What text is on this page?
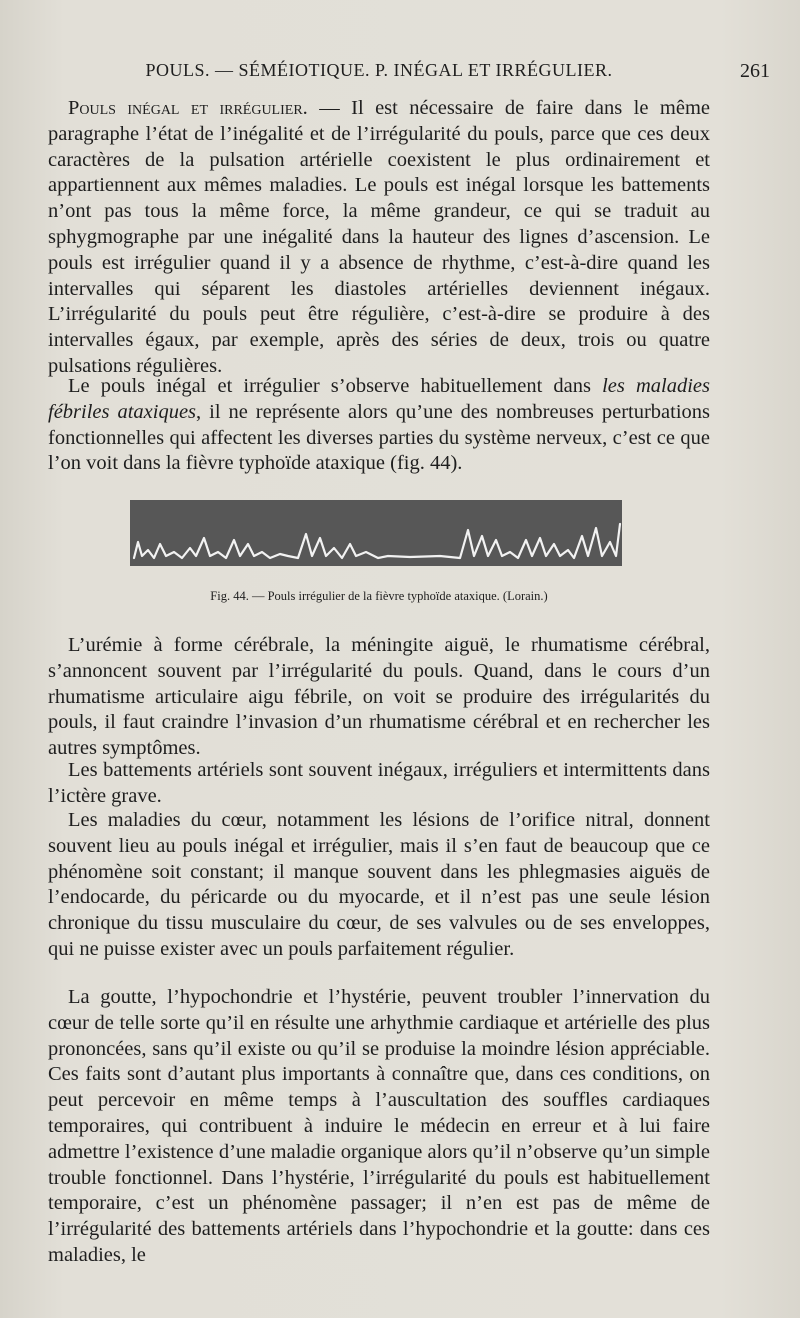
POULS. — SÉMÉIOTIQUE. P. INÉGAL ET IRRÉGULIER.	261

Pouls inégal et irrégulier. — Il est nécessaire de faire dans le même paragraphe l’état de l’inégalité et de l’irrégularité du pouls, parce que ces deux caractères de la pulsation artérielle coexistent le plus ordinairement et appartiennent aux mêmes maladies. Le pouls est inégal lorsque les battements n’ont pas tous la même force, la même grandeur, ce qui se traduit au sphygmographe par une inégalité dans la hauteur des lignes d’ascension. Le pouls est irrégulier quand il y a absence de rhythme, c’est-à-dire quand les intervalles qui séparent les diastoles artérielles deviennent inégaux. L’irrégularité du pouls peut être régulière, c’est-à-dire se produire à des intervalles égaux, par exemple, après des séries de deux, trois ou quatre pulsations régulières.

Le pouls inégal et irrégulier s’observe habituellement dans les maladies fébriles ataxiques, il ne représente alors qu’une des nombreuses perturbations fonctionnelles qui affectent les diverses parties du système nerveux, c’est ce que l’on voit dans la fièvre typhoïde ataxique (fig. 44).

Fig. 44. — Pouls irrégulier de la fièvre typhoïde ataxique. (Lorain.)

L’urémie à forme cérébrale, la méningite aiguë, le rhumatisme cérébral, s’annoncent souvent par l’irrégularité du pouls. Quand, dans le cours d’un rhumatisme articulaire aigu fébrile, on voit se produire des irrégularités du pouls, il faut craindre l’invasion d’un rhumatisme cérébral et en rechercher les autres symptômes.

Les battements artériels sont souvent inégaux, irréguliers et intermittents dans l’ictère grave.

Les maladies du cœur, notamment les lésions de l’orifice nitral, donnent souvent lieu au pouls inégal et irrégulier, mais il s’en faut de beaucoup que ce phénomène soit constant; il manque souvent dans les phlegmasies aiguës de l’endocarde, du péricarde ou du myocarde, et il n’est pas une seule lésion chronique du tissu musculaire du cœur, de ses valvules ou de ses enveloppes, qui ne puisse exister avec un pouls parfaitement régulier.

La goutte, l’hypochondrie et l’hystérie, peuvent troubler l’innervation du cœur de telle sorte qu’il en résulte une arhythmie cardiaque et artérielle des plus prononcées, sans qu’il existe ou qu’il se produise la moindre lésion appréciable. Ces faits sont d’autant plus importants à connaître que, dans ces conditions, on peut percevoir en même temps à l’auscultation des souffles cardiaques temporaires, qui contribuent à induire le médecin en erreur et à lui faire admettre l’existence d’une maladie organique alors qu’il n’observe qu’un simple trouble fonctionnel. Dans l’hystérie, l’irrégularité du pouls est habituellement temporaire, c’est un phénomène passager; il n’en est pas de même de l’irrégularité des battements artériels dans l’hypochondrie et la goutte: dans ces maladies, le
